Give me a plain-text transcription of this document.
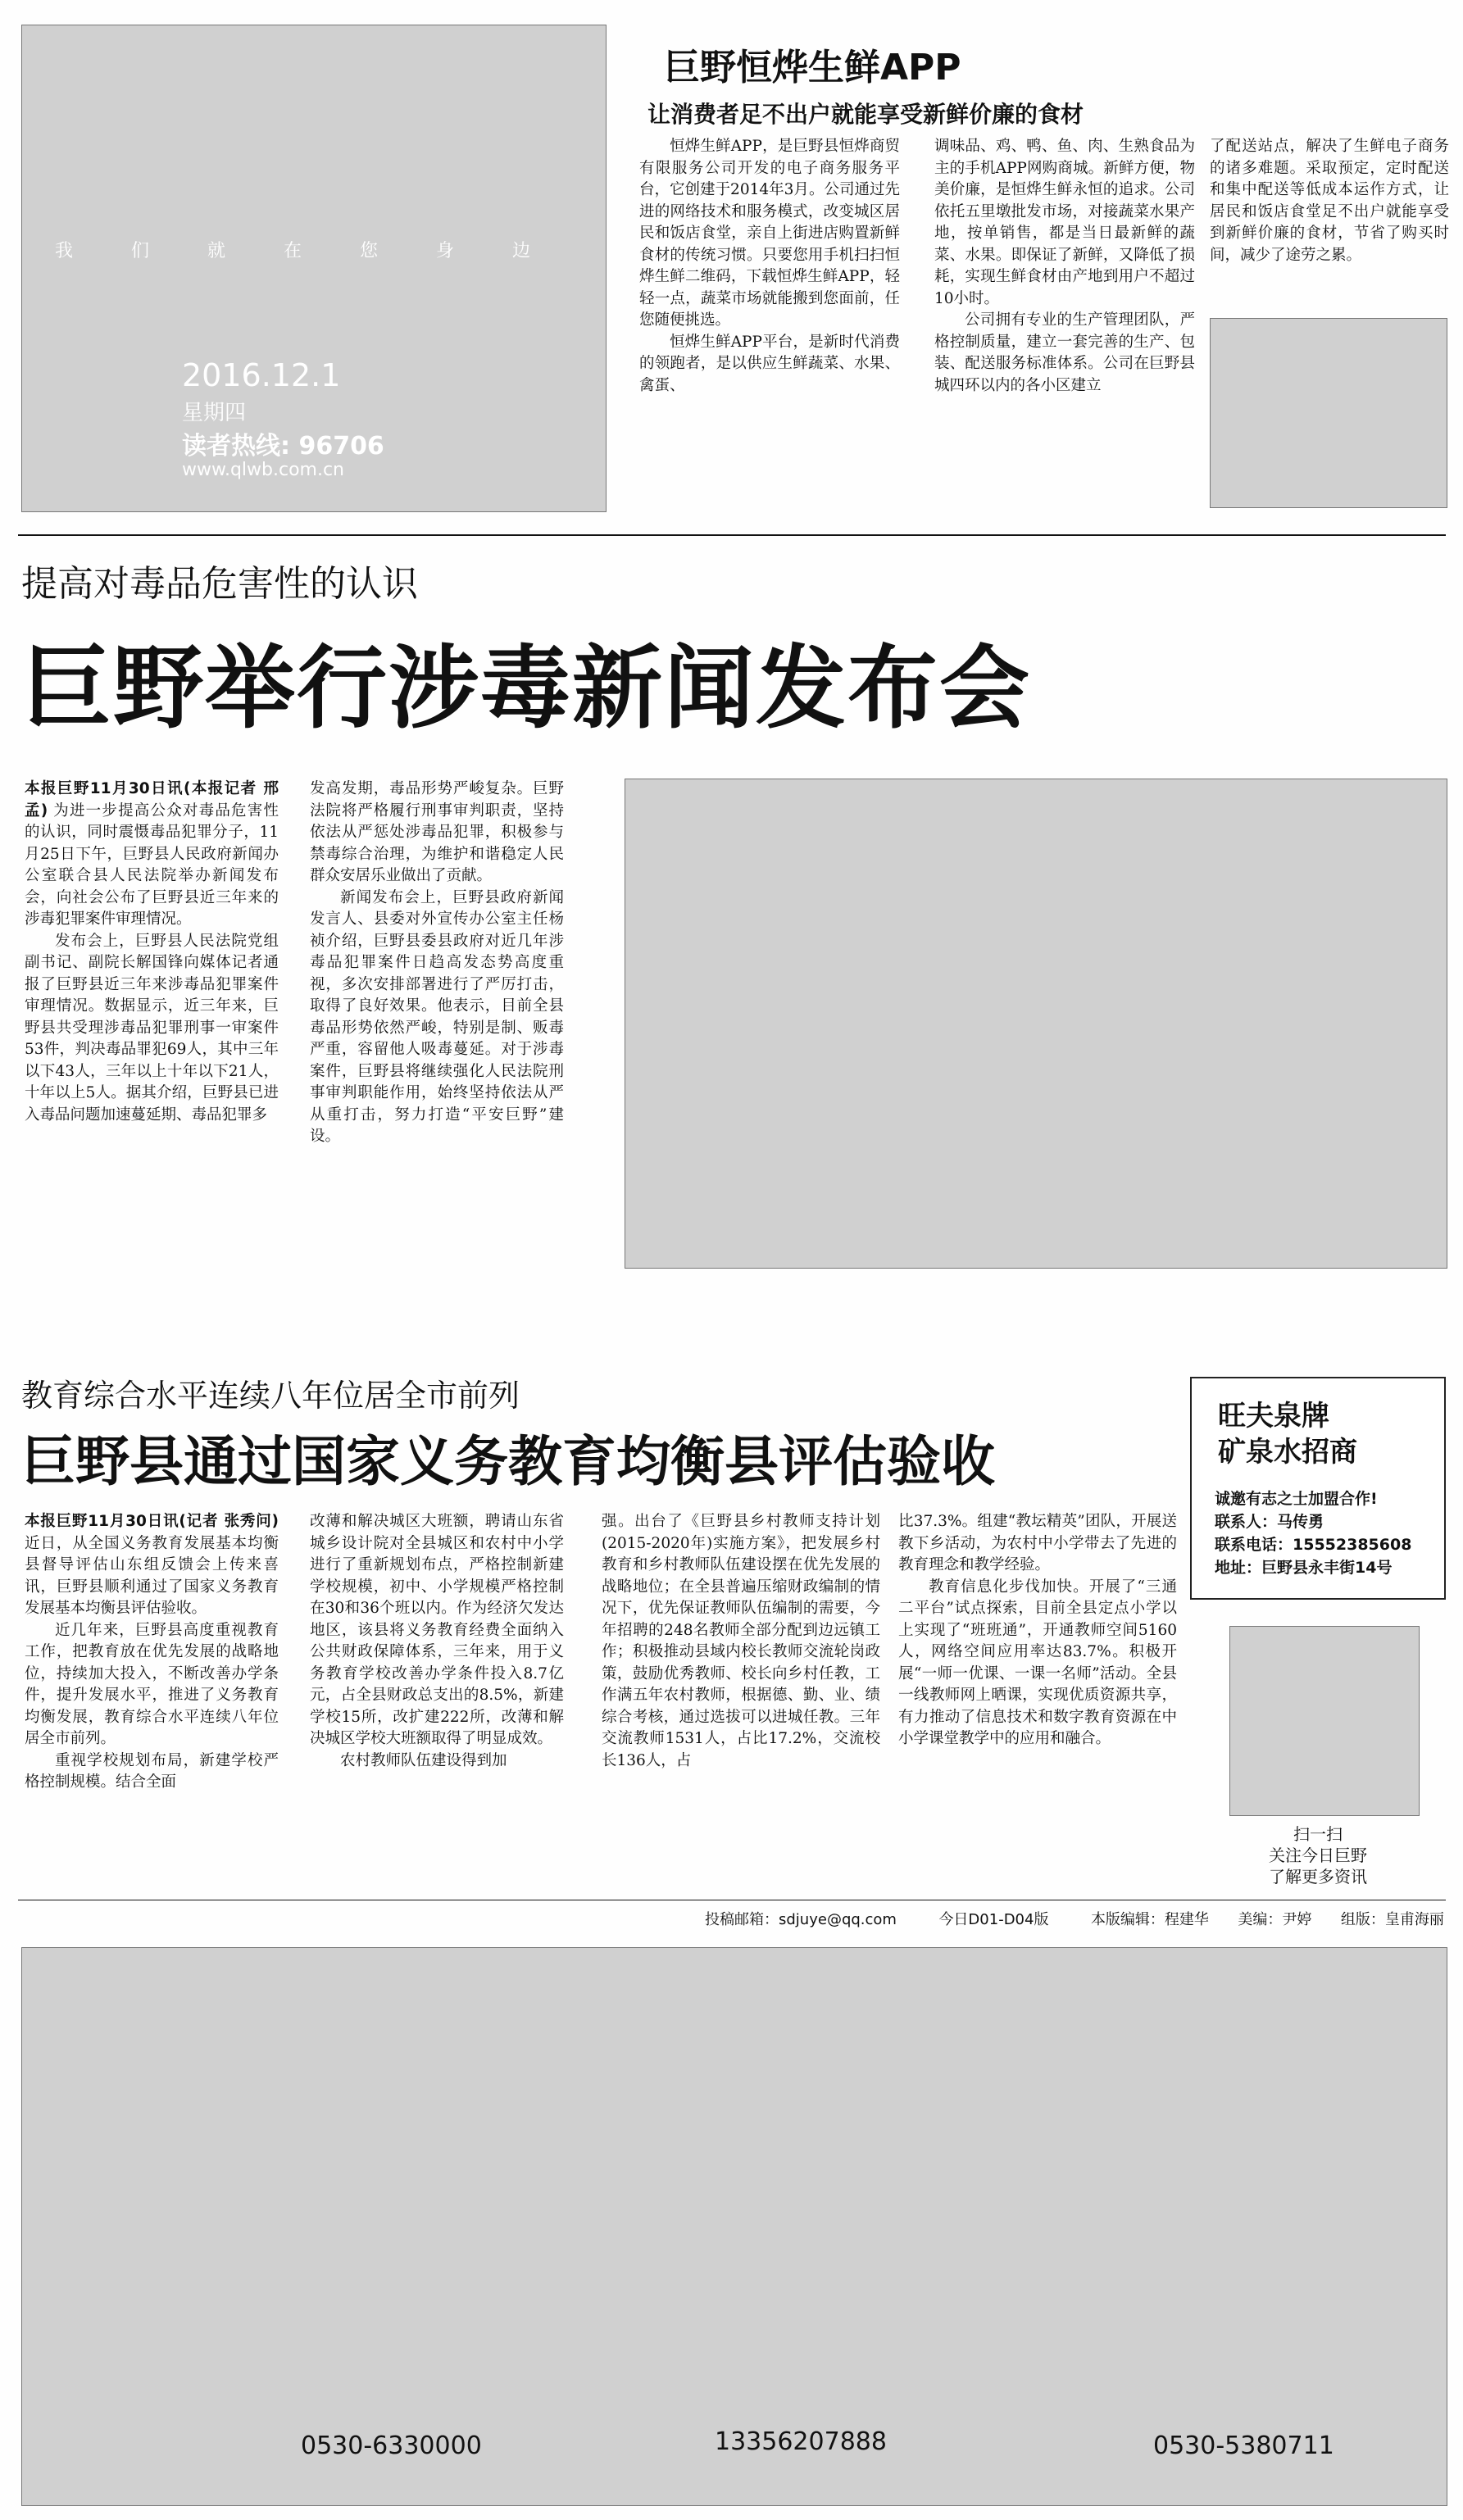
我 们 就 在 您 身 边
2016.12.1
星期四
读者热线: 96706
www.qlwb.com.cn
巨野恒烨生鲜APP
让消费者足不出户就能享受新鲜价廉的食材

恒烨生鲜APP，是巨野县恒烨商贸有限服务公司开发的电子商务服务平台，它创建于2014年3月。公司通过先进的网络技术和服务模式，改变城区居民和饭店食堂，亲自上街进店购置新鲜食材的传统习惯。只要您用手机扫扫恒烨生鲜二维码，下载恒烨生鲜APP，轻轻一点，蔬菜市场就能搬到您面前，任您随便挑选。

恒烨生鲜APP平台，是新时代消费的领跑者，是以供应生鲜蔬菜、水果、禽蛋、

调味品、鸡、鸭、鱼、肉、生熟食品为主的手机APP网购商城。新鲜方便，物美价廉，是恒烨生鲜永恒的追求。公司依托五里墩批发市场，对接蔬菜水果产地，按单销售，都是当日最新鲜的蔬菜、水果。即保证了新鲜，又降低了损耗，实现生鲜食材由产地到用户不超过10小时。

公司拥有专业的生产管理团队，严格控制质量，建立一套完善的生产、包装、配送服务标准体系。公司在巨野县城四环以内的各小区建立

了配送站点，解决了生鲜电子商务的诸多难题。采取预定，定时配送和集中配送等低成本运作方式，让居民和饭店食堂足不出户就能享受到新鲜价廉的食材，节省了购买时间，减少了途劳之累。

提高对毒品危害性的认识
巨野举行涉毒新闻发布会

本报巨野11月30日讯(本报记者 邢孟) 为进一步提高公众对毒品危害性的认识，同时震慑毒品犯罪分子，11月25日下午，巨野县人民政府新闻办公室联合县人民法院举办新闻发布会，向社会公布了巨野县近三年来的涉毒犯罪案件审理情况。

发布会上，巨野县人民法院党组副书记、副院长解国锋向媒体记者通报了巨野县近三年来涉毒品犯罪案件审理情况。数据显示，近三年来，巨野县共受理涉毒品犯罪刑事一审案件53件，判决毒品罪犯69人，其中三年以下43人，三年以上十年以下21人，十年以上5人。据其介绍，巨野县已进入毒品问题加速蔓延期、毒品犯罪多

发高发期，毒品形势严峻复杂。巨野法院将严格履行刑事审判职责，坚持依法从严惩处涉毒品犯罪，积极参与禁毒综合治理，为维护和谐稳定人民群众安居乐业做出了贡献。

新闻发布会上，巨野县政府新闻发言人、县委对外宣传办公室主任杨祯介绍，巨野县委县政府对近几年涉毒品犯罪案件日趋高发态势高度重视，多次安排部署进行了严厉打击，取得了良好效果。他表示，目前全县毒品形势依然严峻，特别是制、贩毒严重，容留他人吸毒蔓延。对于涉毒案件，巨野县将继续强化人民法院刑事审判职能作用，始终坚持依法从严从重打击，努力打造“平安巨野”建设。

教育综合水平连续八年位居全市前列
巨野县通过国家义务教育均衡县评估验收

本报巨野11月30日讯(记者 张秀问) 近日，从全国义务教育发展基本均衡县督导评估山东组反馈会上传来喜讯，巨野县顺利通过了国家义务教育发展基本均衡县评估验收。

近几年来，巨野县高度重视教育工作，把教育放在优先发展的战略地位，持续加大投入，不断改善办学条件，提升发展水平，推进了义务教育均衡发展，教育综合水平连续八年位居全市前列。

重视学校规划布局，新建学校严格控制规模。结合全面

改薄和解决城区大班额，聘请山东省城乡设计院对全县城区和农村中小学进行了重新规划布点，严格控制新建学校规模，初中、小学规模严格控制在30和36个班以内。作为经济欠发达地区，该县将义务教育经费全面纳入公共财政保障体系，三年来，用于义务教育学校改善办学条件投入8.7亿元，占全县财政总支出的8.5%，新建学校15所，改扩建222所，改薄和解决城区学校大班额取得了明显成效。

农村教师队伍建设得到加

强。出台了《巨野县乡村教师支持计划(2015-2020年)实施方案》，把发展乡村教育和乡村教师队伍建设摆在优先发展的战略地位；在全县普遍压缩财政编制的情况下，优先保证教师队伍编制的需要，今年招聘的248名教师全部分配到边远镇工作；积极推动县域内校长教师交流轮岗政策，鼓励优秀教师、校长向乡村任教，工作满五年农村教师，根据德、勤、业、绩综合考核，通过选拔可以进城任教。三年交流教师1531人，占比17.2%，交流校长136人，占

比37.3%。组建“教坛精英”团队，开展送教下乡活动，为农村中小学带去了先进的教育理念和教学经验。

教育信息化步伐加快。开展了“三通二平台”试点探索，目前全县定点小学以上实现了“班班通”，开通教师空间5160人，网络空间应用率达83.7%。积极开展“一师一优课、一课一名师”活动。全县一线教师网上晒课，实现优质资源共享，有力推动了信息技术和数字教育资源在中小学课堂教学中的应用和融合。

旺夫泉牌
矿泉水招商
诚邀有志之士加盟合作!
联系人：马传勇
联系电话：15552385608
地址：巨野县永丰街14号
扫一扫
关注今日巨野
了解更多资讯
投稿邮箱：sdjuye@qq.com	今日D01-D04版	本版编辑：程建华 美编：尹婷 组版：皇甫海丽
0530-6330000	13356207888	0530-5380711
